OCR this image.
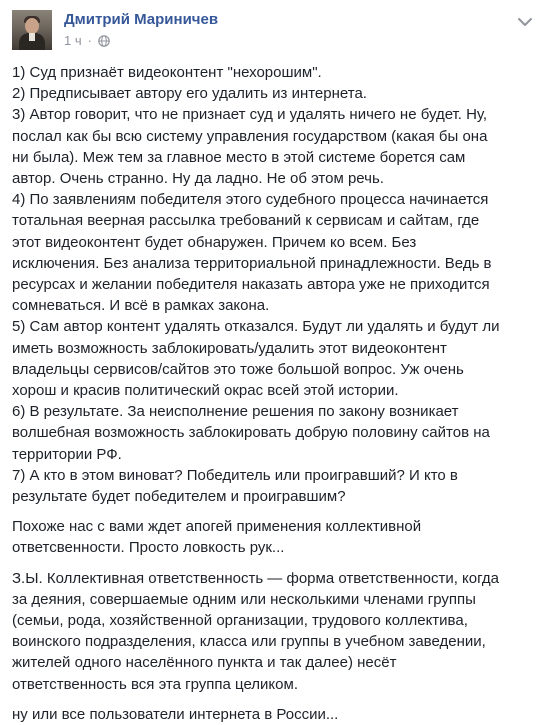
Дмитрий Мариничев
1 ч ·

1) Суд признаёт видеоконтент "нехорошим".
2) Предписывает автору его удалить из интернета.
3) Автор говорит, что не признает суд и удалять ничего не будет. Ну,
послал как бы всю систему управления государством (какая бы она
ни была). Меж тем за главное место в этой системе борется сам
автор. Очень странно. Ну да ладно. Не об этом речь.
4) По заявлениям победителя этого судебного процесса начинается
тотальная веерная рассылка требований к сервисам и сайтам, где
этот видеоконтент будет обнаружен. Причем ко всем. Без
исключения. Без анализа территориальной принадлежности. Ведь в
ресурсах и желании победителя наказать автора уже не приходится
сомневаться. И всё в рамках закона.
5) Сам автор контент удалять отказался. Будут ли удалять и будут ли
иметь возможность заблокировать/удалить этот видеоконтент
владельцы сервисов/сайтов это тоже большой вопрос. Уж очень
хорош и красив политический окрас всей этой истории.
6) В результате. За неисполнение решения по закону возникает
волшебная возможность заблокировать добрую половину сайтов на
территории РФ.
7) А кто в этом виноват? Победитель или проигравший? И кто в
результате будет победителем и проигравшим?

Похоже нас с вами ждет апогей применения коллективной
ответсвенности. Просто ловкость рук...

З.Ы. Коллективная ответственность — форма ответственности, когда
за деяния, совершаемые одним или несколькими членами группы
(семьи, рода, хозяйственной организации, трудового коллектива,
воинского подразделения, класса или группы в учебном заведении,
жителей одного населённого пункта и так далее) несёт
ответственность вся эта группа целиком.

ну или все пользователи интернета в России...
